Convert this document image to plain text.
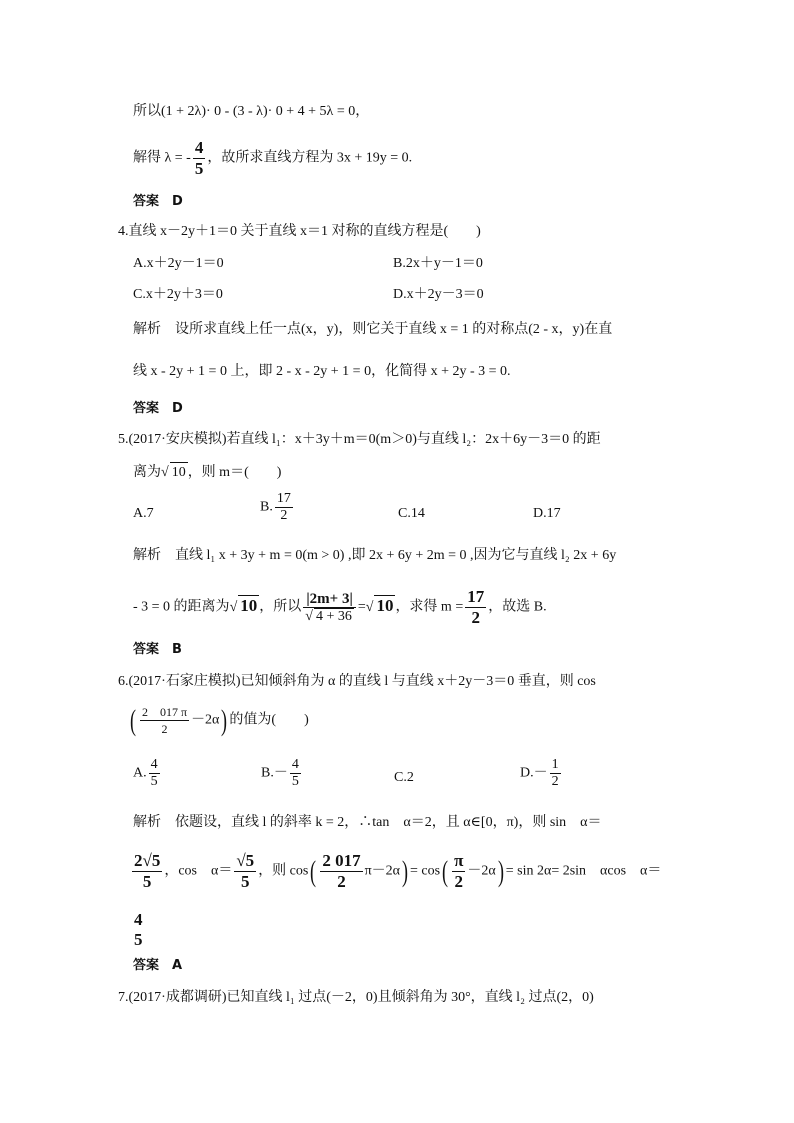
所以(1 + 2λ)· 0 ‐ (3 ‐ λ)· 0 + 4 + 5λ = 0，
解得 λ = ‐ $\frac{4}{5}$ ，故所求直线方程为 3x + 19y = 0.
答案　D
4.直线 x－2y＋1＝0 关于直线 x＝1 对称的直线方程是(　　)
A.x＋2y－1＝0	B.2x＋y－1＝0
C.x＋2y＋3＝0	D.x＋2y－3＝0
解析　设所求直线上任一点(x，y)，则它关于直线 x = 1 的对称点(2 ‐ x，y)在直
线 x ‐ 2y + 1 = 0 上，即 2 ‐ x ‐ 2y + 1 = 0，化简得 x + 2y ‐ 3 = 0.
答案　D
5.(2017·安庆模拟)若直线 l₁：x＋3y＋m＝0(m＞0)与直线 l₂：2x＋6y－3＝0 的距
离为 √ 10 ，则 m＝(　　)
A.7	B. $\frac{17}{2}$	C.14	D.17
解析　直线 l₁ x + 3y + m = 0(m > 0) ,即 2x + 6y + 2m = 0 ,因为它与直线 l₂ 2x + 6y
‐ 3 = 0 的距离为 √ 10 ，所以 |2m+ 3|
√ 4 + 36 = √ 10 ，求得 $m = \frac{17}{2}$ ，故选 B.
答案　B
6.(2017·石家庄模拟)已知倾斜角为 α 的直线 l 与直线 x＋2y－3＝0 垂直，则 cos
( $\frac{2 017 \pi}{2} -2\alpha$) 的值为(　　)
A. $\frac{4}{5}$	$B.- \frac{4}{5}$	C.2	$D.- \frac{1}{2}$
解析　依题设，直线 l 的斜率 k = 2，∴tan　α＝2，且 α∈[0，π)，则 sin　α＝
$\frac{2√5}{5}$ ，cos　$\alpha= \frac{√5}{5}$ ，则 $\cos( \frac{2 017}{2} \pi-2\alpha) = \cos( \frac{\pi}{2} -2\alpha) = \sin 2\alpha= 2\sin$　αcos　α＝
4
5
答案　A
7.(2017·成都调研)已知直线 l₁ 过点(－2，0)且倾斜角为 30°，直线 l₂ 过点(2，0)
